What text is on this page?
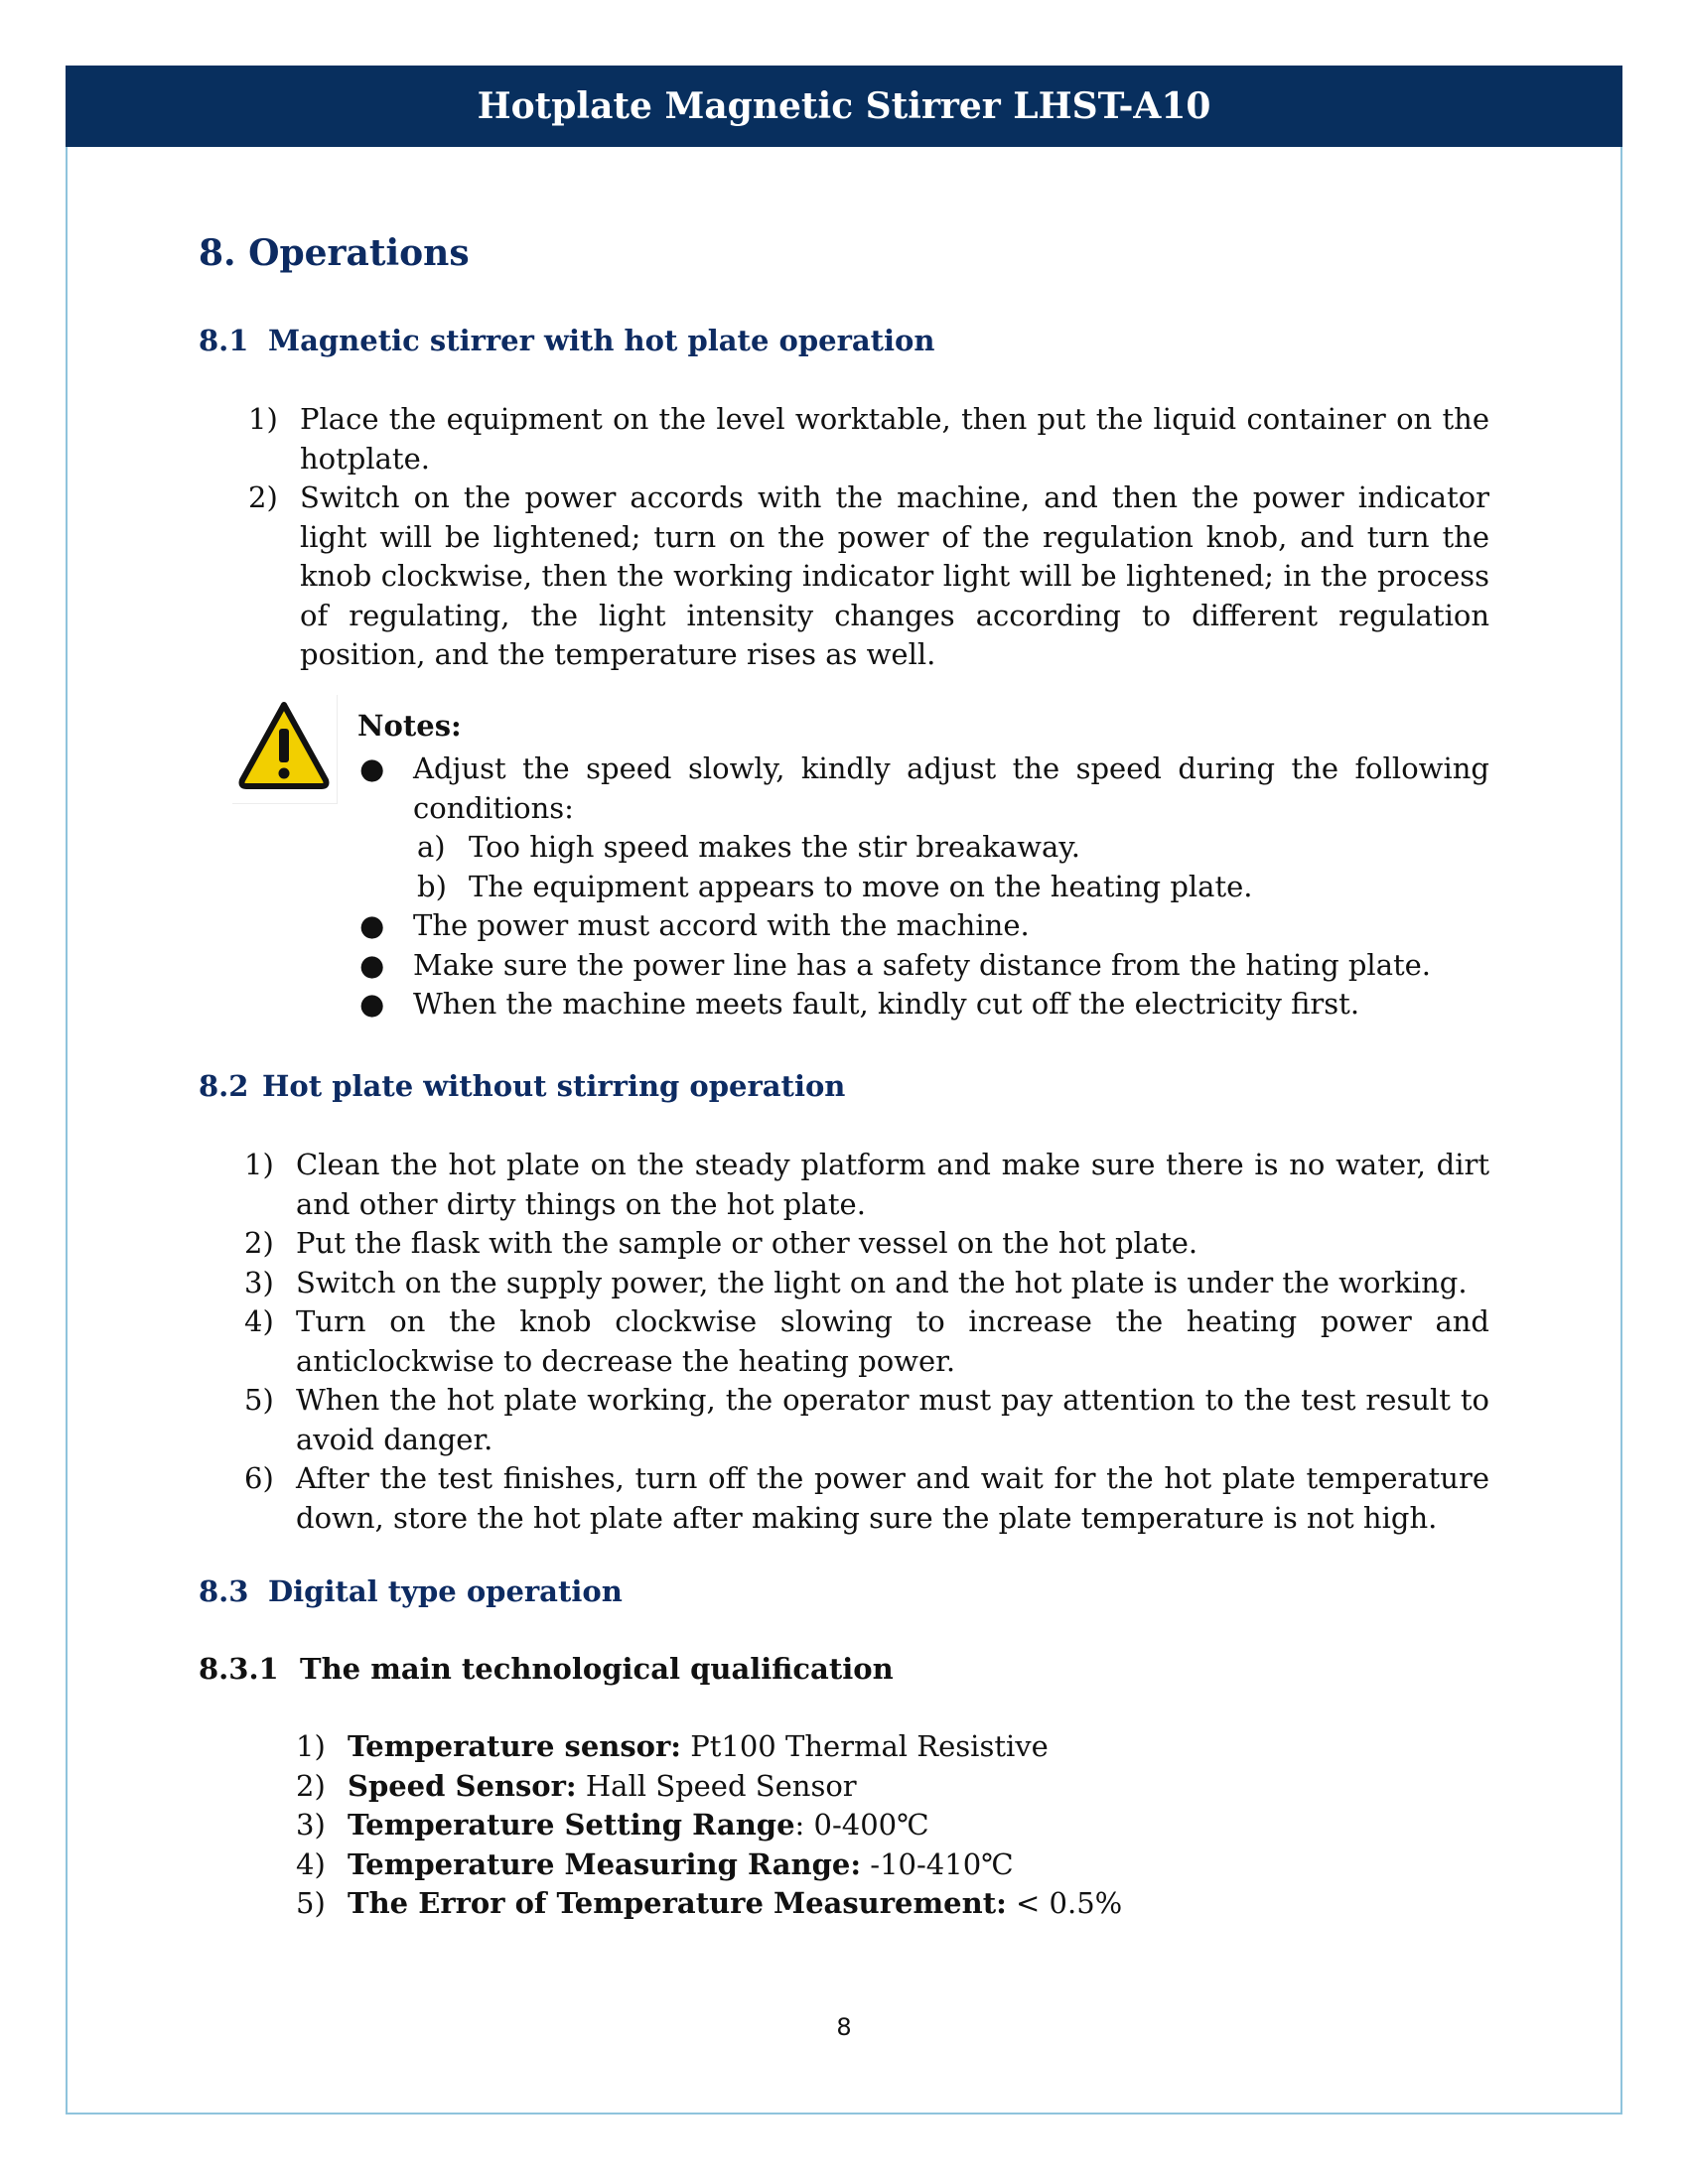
Hotplate Magnetic Stirrer LHST-A10
8. Operations
8.1 Magnetic stirrer with hot plate operation
1) Place the equipment on the level worktable, then put the liquid container on the hotplate.
2) Switch on the power accords with the machine, and then the power indicator light will be lightened; turn on the power of the regulation knob, and turn the knob clockwise, then the working indicator light will be lightened; in the process of regulating, the light intensity changes according to different regulation position, and the temperature rises as well.
Notes:
● Adjust the speed slowly, kindly adjust the speed during the following conditions:
a) Too high speed makes the stir breakaway.
b) The equipment appears to move on the heating plate.
● The power must accord with the machine.
● Make sure the power line has a safety distance from the hating plate.
● When the machine meets fault, kindly cut off the electricity first.
8.2 Hot plate without stirring operation
1) Clean the hot plate on the steady platform and make sure there is no water, dirt and other dirty things on the hot plate.
2) Put the flask with the sample or other vessel on the hot plate.
3) Switch on the supply power, the light on and the hot plate is under the working.
4) Turn on the knob clockwise slowing to increase the heating power and anticlockwise to decrease the heating power.
5) When the hot plate working, the operator must pay attention to the test result to avoid danger.
6) After the test finishes, turn off the power and wait for the hot plate temperature down, store the hot plate after making sure the plate temperature is not high.
8.3 Digital type operation
8.3.1 The main technological qualification
1) Temperature sensor: Pt100 Thermal Resistive
2) Speed Sensor: Hall Speed Sensor
3) Temperature Setting Range: 0-400℃
4) Temperature Measuring Range: -10-410℃
5) The Error of Temperature Measurement: < 0.5%
8
